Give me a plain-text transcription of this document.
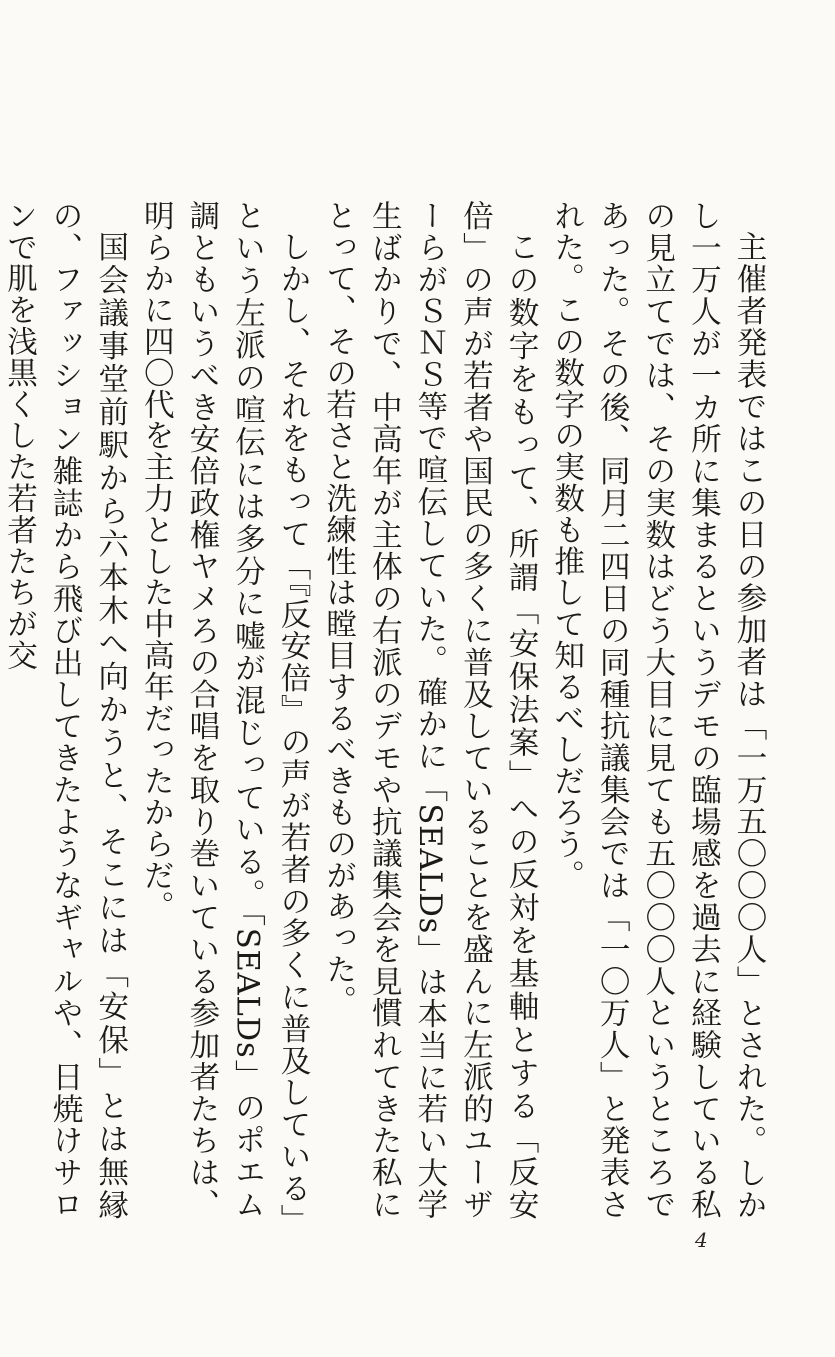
主催者発表ではこの日の参加者は「一万五〇〇〇人」とされた。しかし一万人が一カ所に集まるというデモの臨場感を過去に経験している私の見立てでは、その実数はどう大目に見ても五〇〇〇人というところであった。その後、同月二四日の同種抗議集会では「一〇万人」と発表された。この数字の実数も推して知るべしだろう。

この数字をもって、所謂「安保法案」への反対を基軸とする「反安倍」の声が若者や国民の多くに普及していることを盛んに左派的ユーザーらがＳＮＳ等で喧伝していた。確かに「SEALDs」は本当に若い大学生ばかりで、中高年が主体の右派のデモや抗議集会を見慣れてきた私にとって、その若さと洗練性は瞠目するべきものがあった。

しかし、それをもって「『反安倍』の声が若者の多くに普及している」という左派の喧伝には多分に嘘が混じっている。「SEALDs」のポエム調ともいうべき安倍政権ヤメろの合唱を取り巻いている参加者たちは、明らかに四〇代を主力とした中高年だったからだ。

国会議事堂前駅から六本木へ向かうと、そこには「安保」とは無縁の、ファッション雑誌から飛び出してきたようなギャルや、日焼けサロンで肌を浅黒くした若者たちが交

4
